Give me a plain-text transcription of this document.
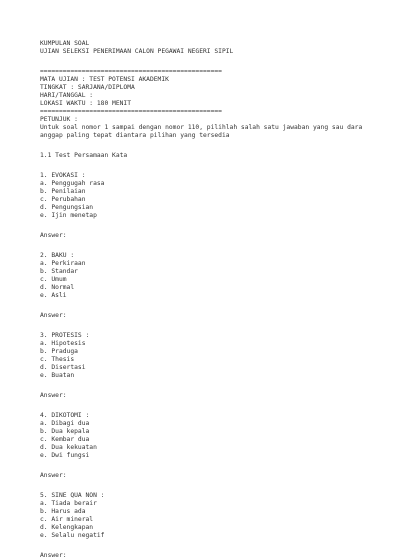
KUMPULAN SOAL
UJIAN SELEKSI PENERIMAAN CALON PEGAWAI NEGERI SIPIL
================================================
MATA UJIAN : TEST POTENSI AKADEMIK
TINGKAT : SARJANA/DIPLOMA
HARI/TANGGAL :
LOKASI WAKTU : 180 MENIT
================================================
PETUNJUK :
Untuk soal nomor 1 sampai dengan nomor 110, pilihlah salah satu jawaban yang sau dara anggap paling tepat diantara pilihan yang tersedia
1.1 Test Persamaan Kata
1. EVOKASI :
a. Penggugah rasa
b. Penilaian
c. Perubahan
d. Pengungsian
e. Ijin menetap
Answer:
2. BAKU :
a. Perkiraan
b. Standar
c. Umum
d. Normal
e. Asli
Answer:
3. PROTESIS :
a. Hipotesis
b. Praduga
c. Thesis
d. Disertasi
e. Buatan
Answer:
4. DIKOTOMI :
a. Dibagi dua
b. Dua kepala
c. Kembar dua
d. Dua kekuatan
e. Dwi fungsi
Answer:
5. SINE QUA NON :
a. Tiada berair
b. Harus ada
c. Air mineral
d. Kelengkapan
e. Selalu negatif
Answer:
